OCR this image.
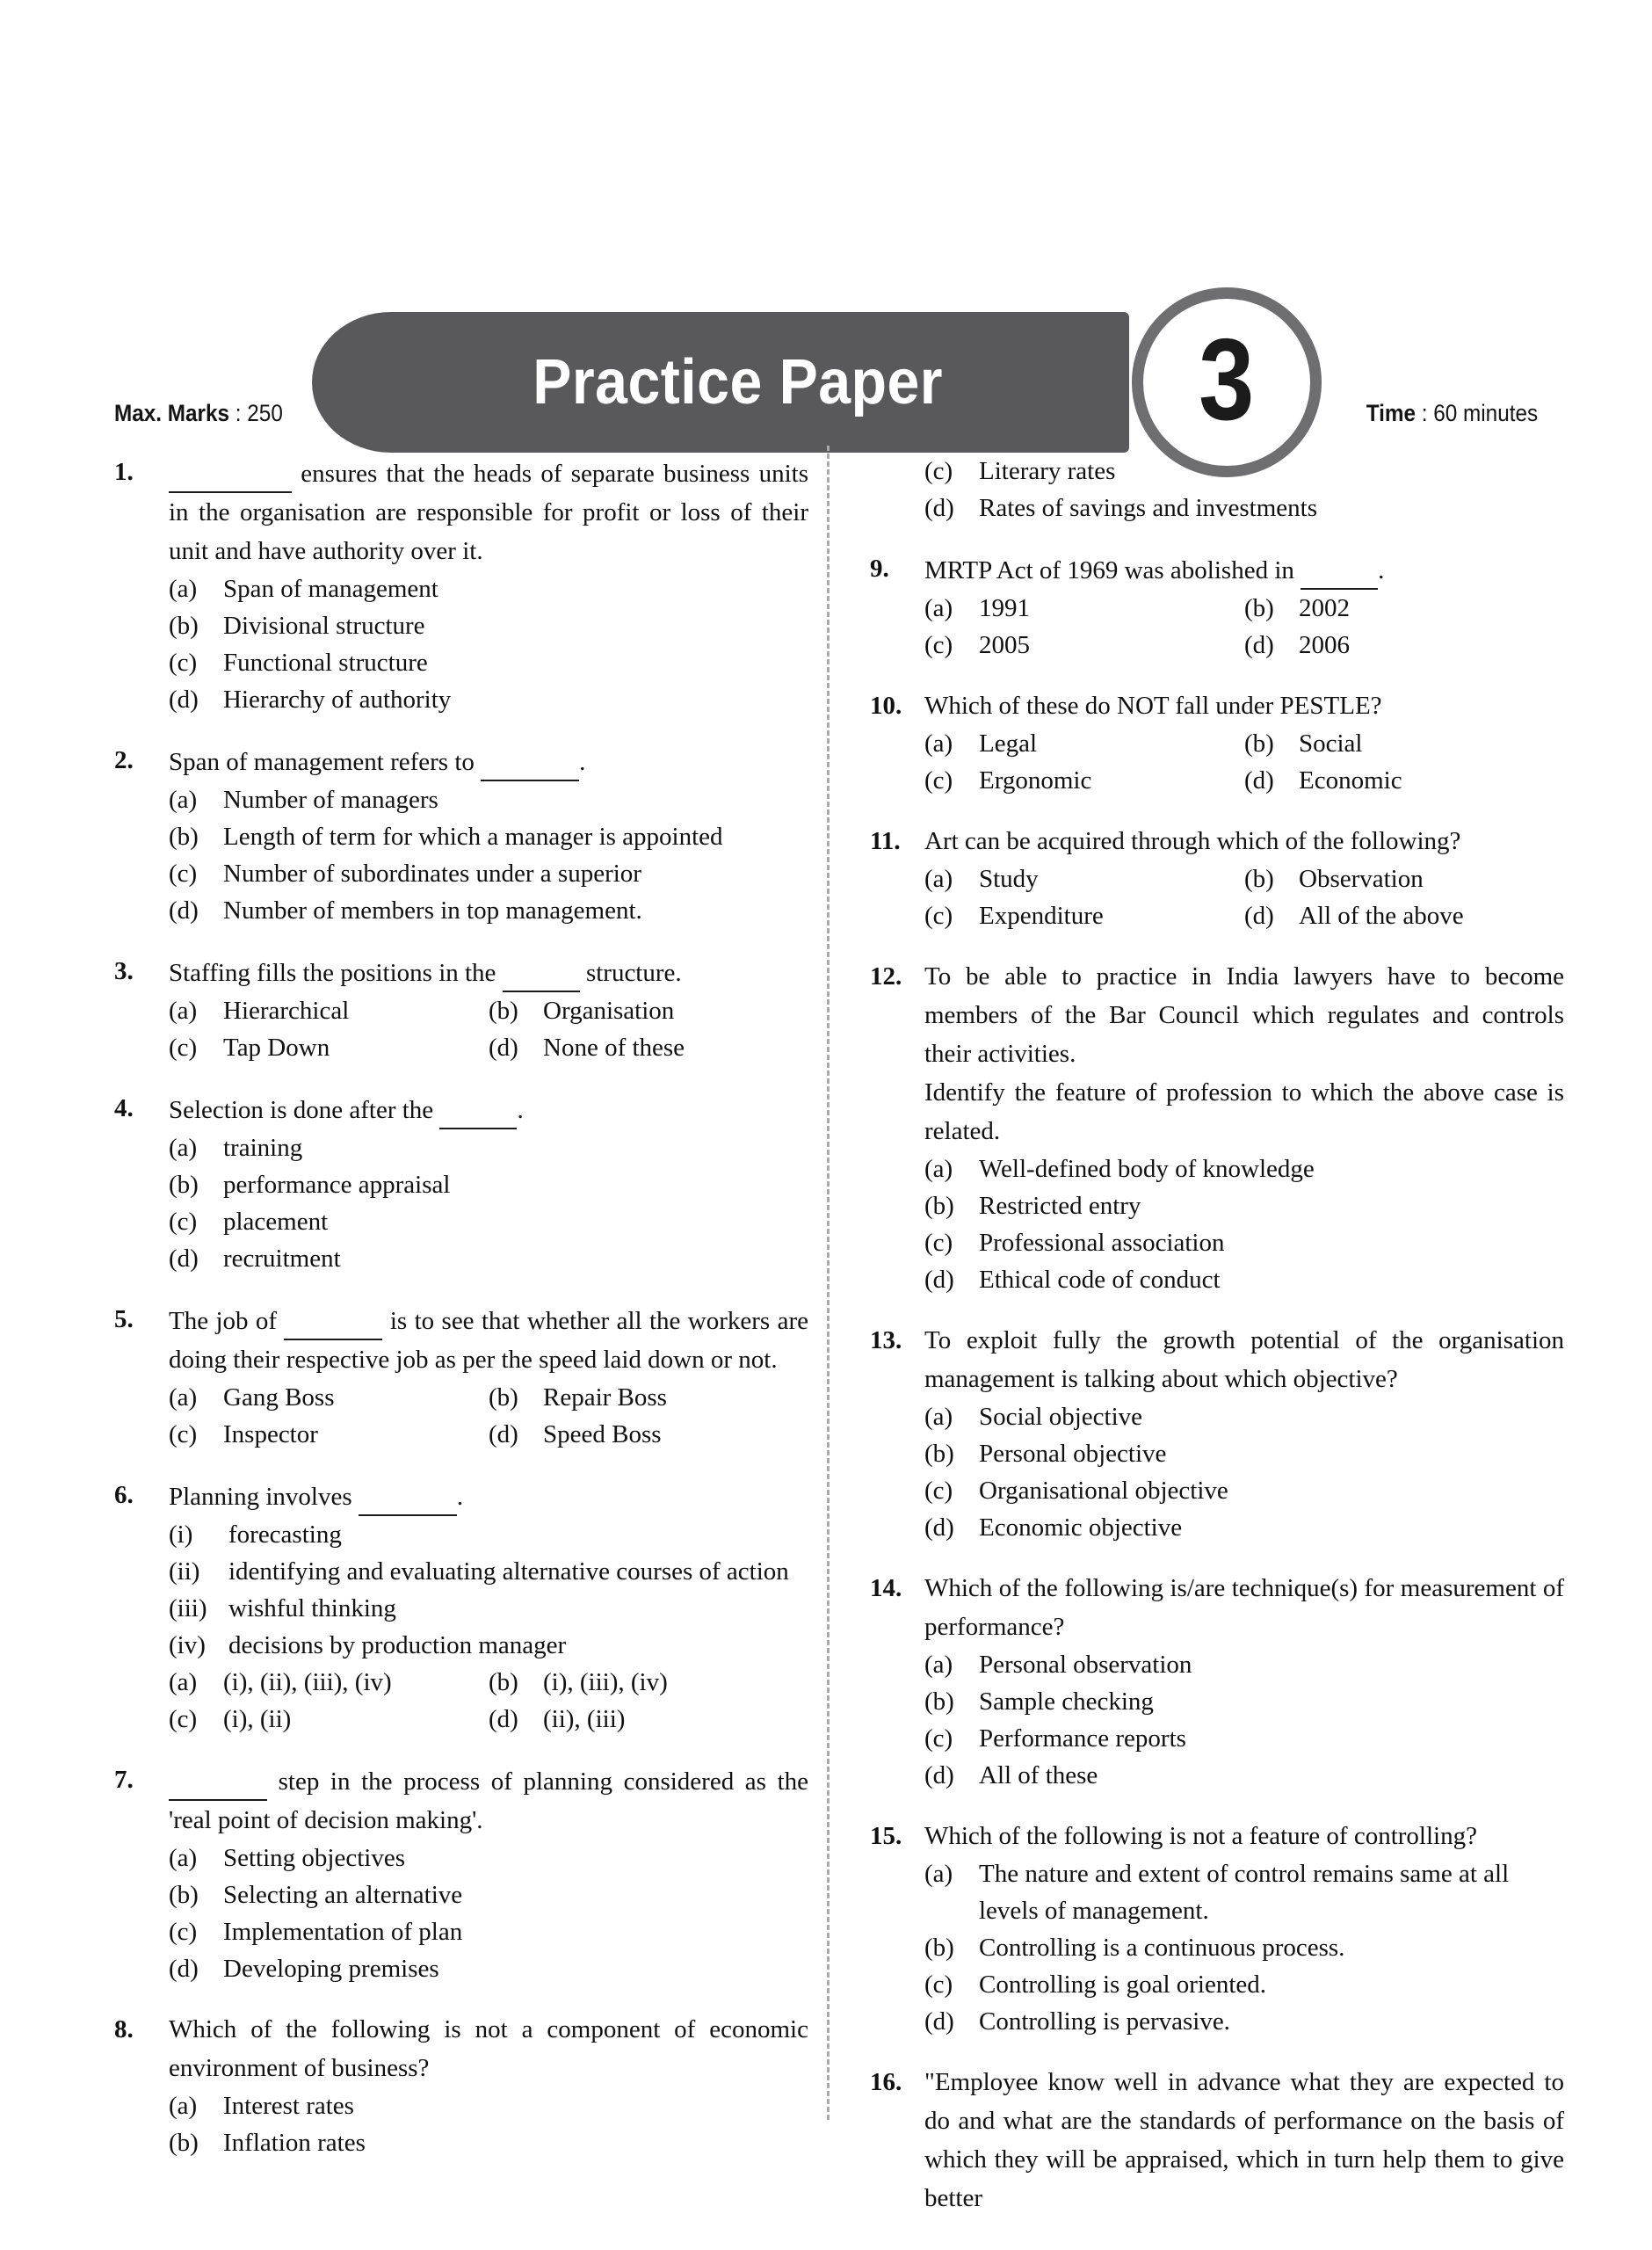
Practice Paper 3
Max. Marks : 250	Time : 60 minutes
1.	ensures that the heads of separate business units in the organisation are responsible for profit or loss of their unit and have authority over it.

(a)	Span of management
(b) Divisional structure
(c)	Functional structure
(d) Hierarchy of authority
2.	Span of management refers to	.

(a)	Number of managers
(b) Length of term for which a manager is appointed
(c)	Number of subordinates under a superior
(d) Number of members in top management.
3.	Staffing fills the positions in the	structure.

(a)	Hierarchical	(b) Organisation
(c)	Tap Down	(d) None of these
4.	Selection is done after the	.

(a)	training
(b) performance appraisal
(c)	placement
(d) recruitment
5.	The job of	is to see that whether all the workers are doing their respective job as per the speed laid down or not.

(a)	Gang Boss	(b) Repair Boss
(c)	Inspector	(d) Speed Boss
6.	Planning involves	.

(i)	forecasting
(ii)	identifying and evaluating alternative courses of action
(iii) wishful thinking
(iv) decisions by production manager
(a)	(i), (ii), (iii), (iv)	(b) (i), (iii), (iv)
(c)	(i), (ii)	(d) (ii), (iii)
7.	step in the process of planning considered as the 'real point of decision making'.

(a)	Setting objectives
(b) Selecting an alternative
(c)	Implementation of plan
(d) Developing premises
8.	Which of the following is not a component of economic environment of business?

(a)	Interest rates
(b) Inflation rates
(c)	Literary rates
(d) Rates of savings and investments
9.	MRTP Act of 1969 was abolished in	.

(a)	1991	(b) 2002
(c)	2005	(d) 2006
10. Which of these do NOT fall under PESTLE?

(a)	Legal	(b) Social
(c)	Ergonomic	(d) Economic
11. Art can be acquired through which of the following?

(a)	Study	(b) Observation
(c)	Expenditure	(d) All of the above
12. To be able to practice in India lawyers have to become members of the Bar Council which regulates and controls their activities.

Identify the feature of profession to which the above case is related.

(a)	Well-defined body of knowledge
(b) Restricted entry
(c)	Professional association
(d) Ethical code of conduct
13. To exploit fully the growth potential of the organisation management is talking about which objective?

(a)	Social objective
(b) Personal objective
(c)	Organisational objective
(d) Economic objective
14. Which of the following is/are technique(s) for measurement of performance?

(a)	Personal observation
(b) Sample checking
(c)	Performance reports
(d) All of these
15. Which of the following is not a feature of controlling?

(a)	The nature and extent of control remains same at all levels of management.
(b) Controlling is a continuous process.
(c)	Controlling is goal oriented.
(d) Controlling is pervasive.
16. "Employee know well in advance what they are expected to do and what are the standards of performance on the basis of which they will be appraised, which in turn help them to give better
